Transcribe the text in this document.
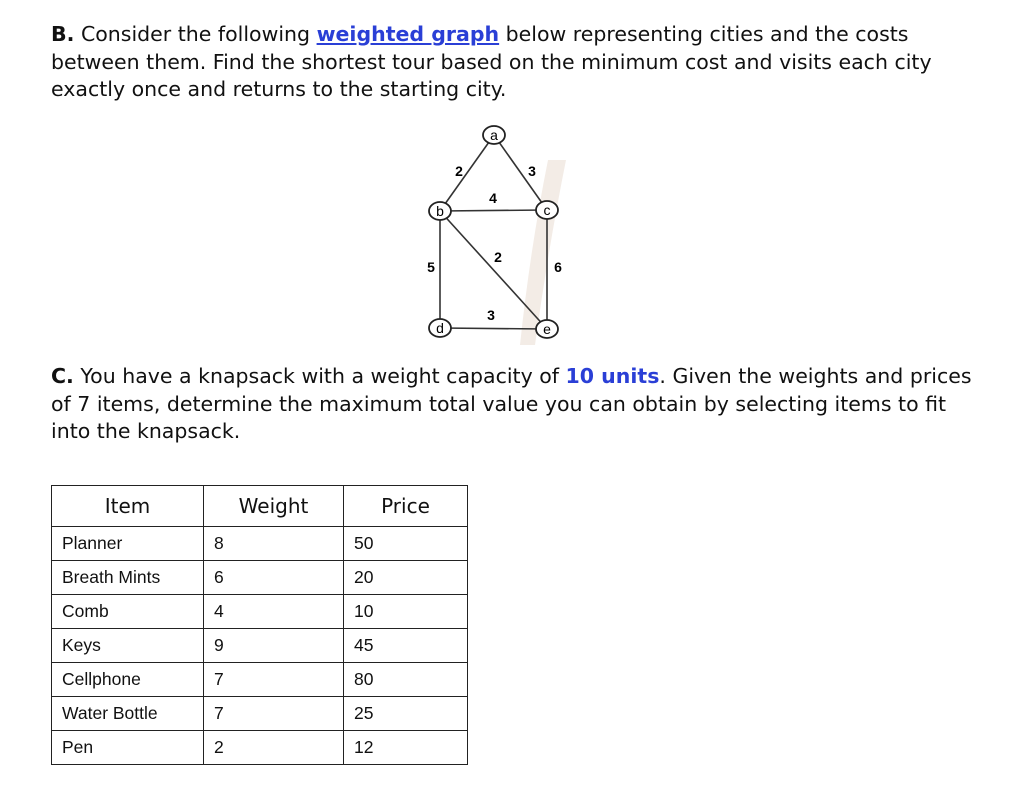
B. Consider the following weighted graph below representing cities and the costs between them. Find the shortest tour based on the minimum cost and visits each city exactly once and returns to the starting city.
2	3
4
2
5	6
3
a
b	c
d	e
C. You have a knapsack with a weight capacity of 10 units. Given the weights and prices of 7 items, determine the maximum total value you can obtain by selecting items to fit into the knapsack.
Item	Weight	Price
Planner	8	50
Breath Mints	6	20
Comb	4	10
Keys	9	45
Cellphone	7	80
Water Bottle	7	25
Pen	2	12
